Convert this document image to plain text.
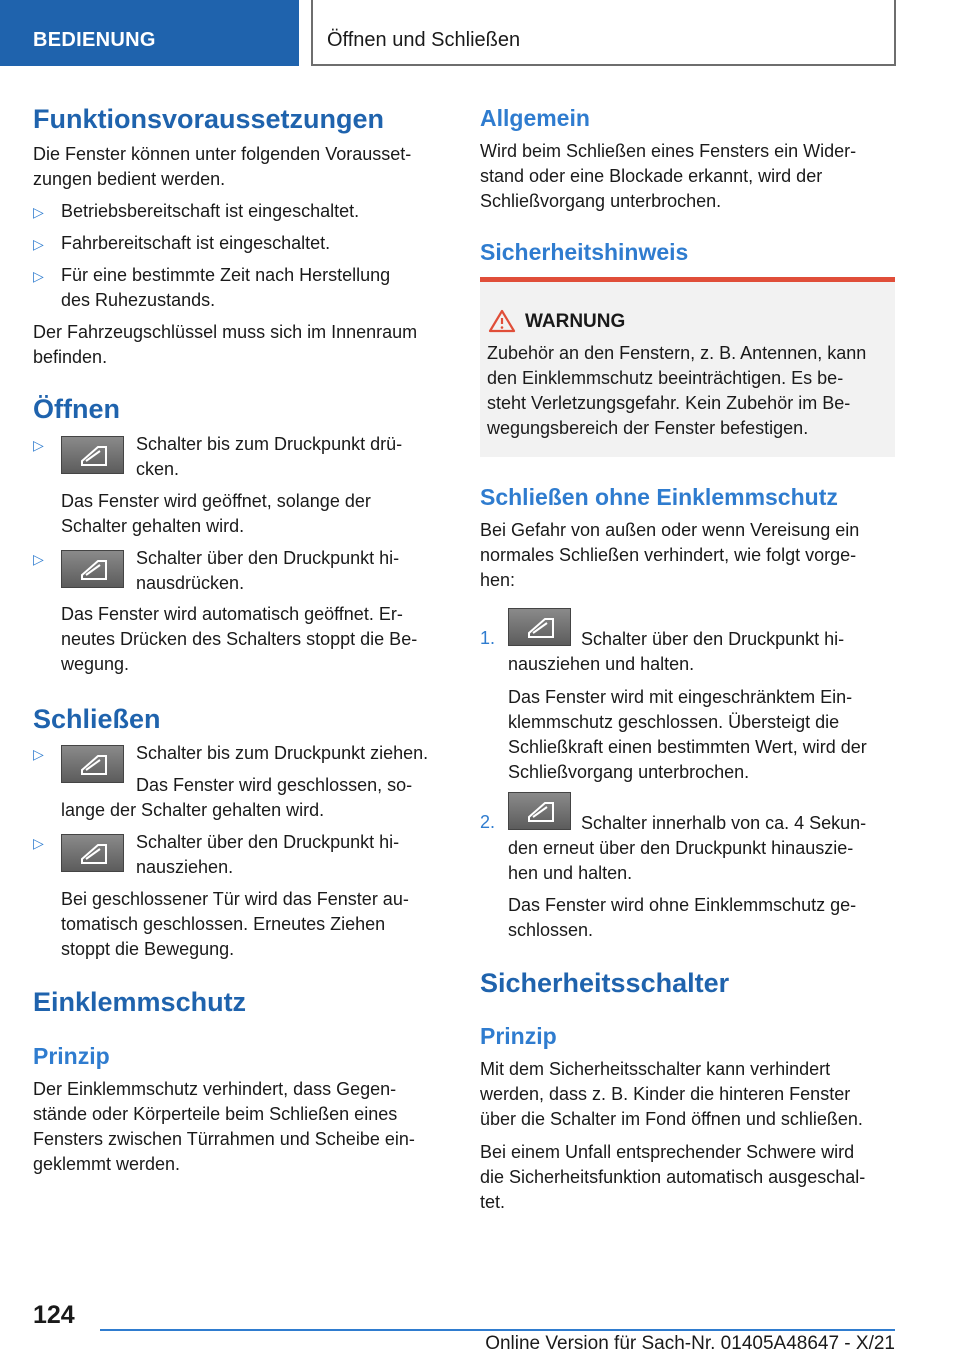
BEDIENUNG	Öffnen und Schließen
Funktionsvoraussetzungen
Die Fenster können unter folgenden Vorausset-
zungen bedient werden.
▷ Betriebsbereitschaft ist eingeschaltet.
▷ Fahrbereitschaft ist eingeschaltet.
▷ Für eine bestimmte Zeit nach Herstellung
des Ruhezustands.
Der Fahrzeugschlüssel muss sich im Innenraum
befinden.
Öffnen
▷	Schalter bis zum Druckpunkt drü-
cken.
Das Fenster wird geöffnet, solange der
Schalter gehalten wird.
▷	Schalter über den Druckpunkt hi-
nausdrücken.
Das Fenster wird automatisch geöffnet. Er-
neutes Drücken des Schalters stoppt die Be-
wegung.
Schließen
▷	Schalter bis zum Druckpunkt ziehen.
Das Fenster wird geschlossen, so-
lange der Schalter gehalten wird.
▷	Schalter über den Druckpunkt hi-
nausziehen.
Bei geschlossener Tür wird das Fenster au-
tomatisch geschlossen. Erneutes Ziehen
stoppt die Bewegung.
Einklemmschutz
Prinzip
Der Einklemmschutz verhindert, dass Gegen-
stände oder Körperteile beim Schließen eines
Fensters zwischen Türrahmen und Scheibe ein-
geklemmt werden.
Allgemein
Wird beim Schließen eines Fensters ein Wider-
stand oder eine Blockade erkannt, wird der
Schließvorgang unterbrochen.
Sicherheitshinweis
WARNUNG
Zubehör an den Fenstern, z. B. Antennen, kann
den Einklemmschutz beeinträchtigen. Es be-
steht Verletzungsgefahr. Kein Zubehör im Be-
wegungsbereich der Fenster befestigen.
Schließen ohne Einklemmschutz
Bei Gefahr von außen oder wenn Vereisung ein
normales Schließen verhindert, wie folgt vorge-
hen:
1.	Schalter über den Druckpunkt hi-
nausziehen und halten.
Das Fenster wird mit eingeschränktem Ein-
klemmschutz geschlossen. Übersteigt die
Schließkraft einen bestimmten Wert, wird der
Schließvorgang unterbrochen.
2.	Schalter innerhalb von ca. 4 Sekun-
den erneut über den Druckpunkt hinauszie-
hen und halten.
Das Fenster wird ohne Einklemmschutz ge-
schlossen.
Sicherheitsschalter
Prinzip
Mit dem Sicherheitsschalter kann verhindert
werden, dass z. B. Kinder die hinteren Fenster
über die Schalter im Fond öffnen und schließen.
Bei einem Unfall entsprechender Schwere wird
die Sicherheitsfunktion automatisch ausgeschal-
tet.
124
Online Version für Sach-Nr. 01405A48647 - X/21
